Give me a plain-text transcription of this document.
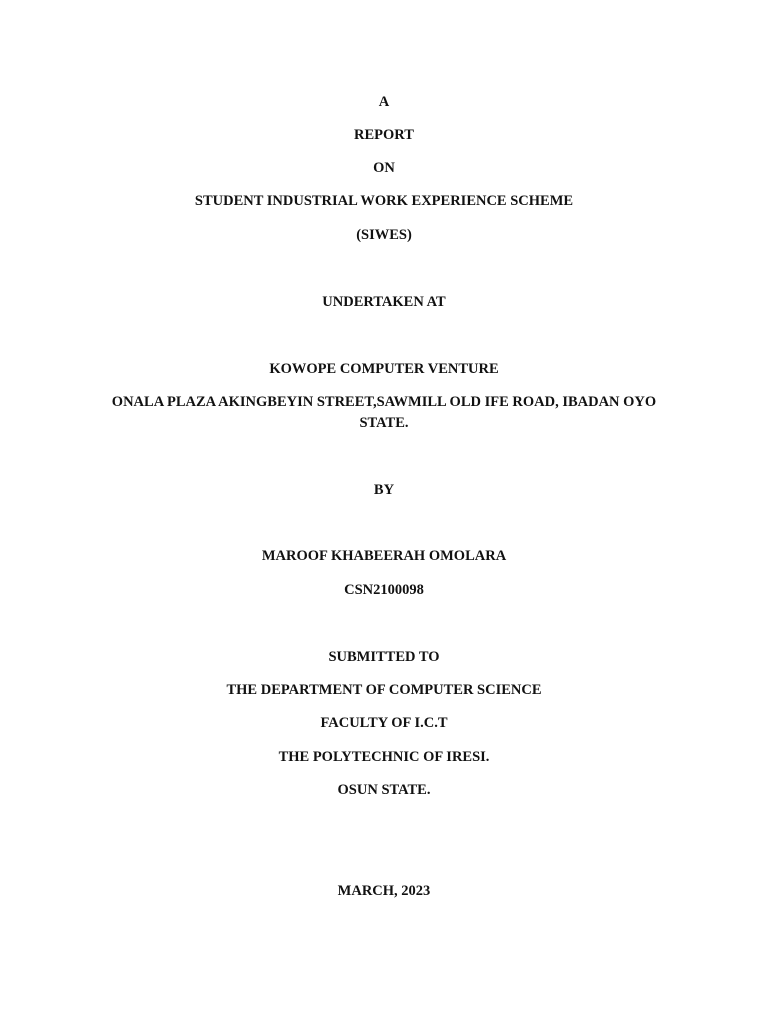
A
REPORT
ON
STUDENT INDUSTRIAL WORK EXPERIENCE SCHEME
(SIWES)
UNDERTAKEN AT
KOWOPE COMPUTER VENTURE
ONALA PLAZA AKINGBEYIN STREET,SAWMILL OLD IFE ROAD, IBADAN OYO STATE.
BY
MAROOF KHABEERAH OMOLARA
CSN2100098
SUBMITTED TO
THE DEPARTMENT OF COMPUTER SCIENCE
FACULTY OF I.C.T
THE POLYTECHNIC OF IRESI.
OSUN STATE.
MARCH, 2023
